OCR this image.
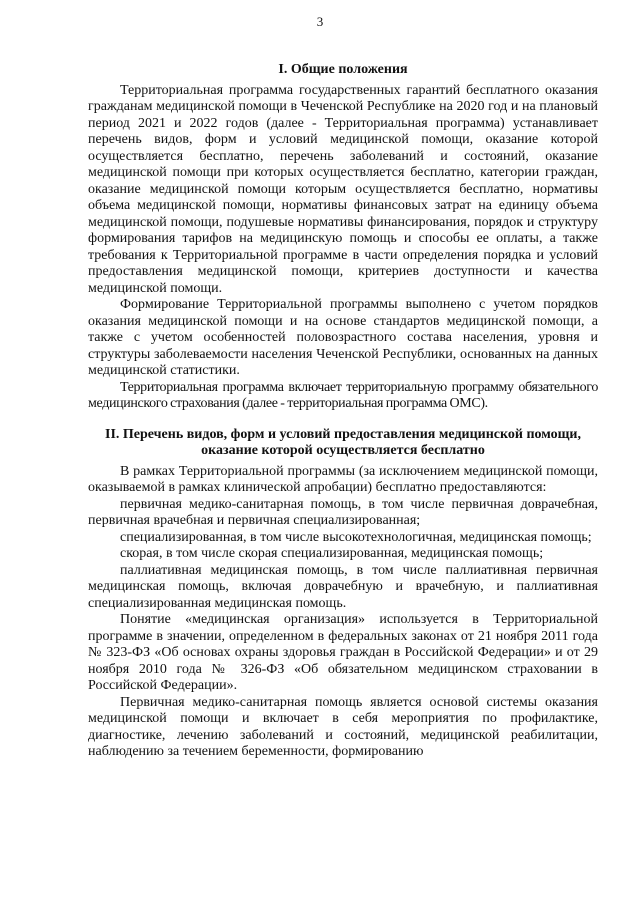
3
I. Общие положения

Территориальная программа государственных гарантий бесплатного оказания гражданам медицинской помощи в Чеченской Республике на 2020 год и на плановый период 2021 и 2022 годов (далее - Территориальная программа) устанавливает перечень видов, форм и условий медицинской помощи, оказание которой осуществляется бесплатно, перечень заболеваний и состояний, оказание медицинской помощи при которых осуществляется бесплатно, категории граждан, оказание медицинской помощи которым осуществляется бесплатно, нормативы объема медицинской помощи, нормативы финансовых затрат на единицу объема медицинской помощи, подушевые нормативы финансирования, порядок и структуру формирования тарифов на медицинскую помощь и способы ее оплаты, а также требования к Территориальной программе в части определения порядка и условий предоставления медицинской помощи, критериев доступности и качества медицинской помощи.

Формирование Территориальной программы выполнено с учетом порядков оказания медицинской помощи и на основе стандартов медицинской помощи, а также с учетом особенностей половозрастного состава населения, уровня и структуры заболеваемости населения Чеченской Республики, основанных на данных медицинской статистики.

Территориальная программа включает территориальную программу обязательного медицинского страхования (далее - территориальная программа ОМС).

II. Перечень видов, форм и условий предоставления медицинской помощи, оказание которой осуществляется бесплатно

В рамках Территориальной программы (за исключением медицинской помощи, оказываемой в рамках клинической апробации) бесплатно предоставляются:

первичная медико-санитарная помощь, в том числе первичная доврачебная, первичная врачебная и первичная специализированная;

специализированная, в том числе высокотехнологичная, медицинская помощь;

скорая, в том числе скорая специализированная, медицинская помощь;

паллиативная медицинская помощь, в том числе паллиативная первичная медицинская помощь, включая доврачебную и врачебную, и паллиативная специализированная медицинская помощь.

Понятие «медицинская организация» используется в Территориальной программе в значении, определенном в федеральных законах от 21 ноября 2011 года № 323-ФЗ «Об основах охраны здоровья граждан в Российской Федерации» и от 29 ноября 2010 года № 326-ФЗ «Об обязательном медицинском страховании в Российской Федерации».

Первичная медико-санитарная помощь является основой системы оказания медицинской помощи и включает в себя мероприятия по профилактике, диагностике, лечению заболеваний и состояний, медицинской реабилитации, наблюдению за течением беременности, формированию
